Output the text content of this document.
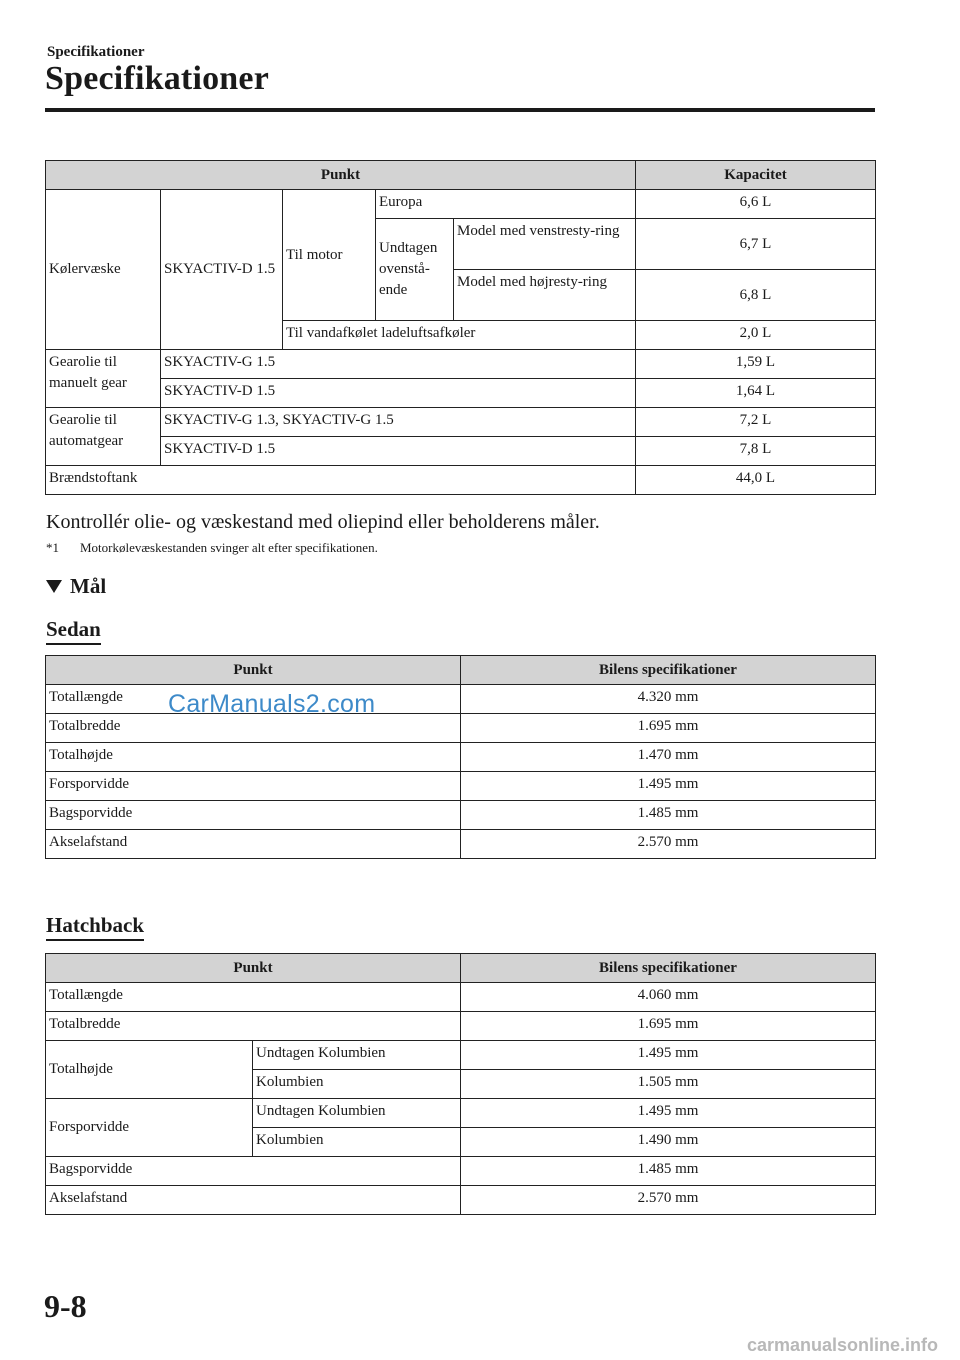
Specifikationer
Specifikationer
Punkt					Kapacitet
Kølervæske	SKYACTIV-D 1.5	Til motor	Europa		6,6 L
			Undtagen ovenstå-ende	Model med venstresty-ring	6,7 L
				Model med højresty-ring	6,8 L
		Til vandafkølet ladeluftsafkøler			2,0 L
Gearolie til manuelt gear	SKYACTIV-G 1.5				1,59 L
	SKYACTIV-D 1.5				1,64 L
Gearolie til automatgear	SKYACTIV-G 1.3, SKYACTIV-G 1.5				7,2 L
	SKYACTIV-D 1.5				7,8 L
Brændstoftank					44,0 L
Kontrollér olie- og væskestand med oliepind eller beholderens måler.
*1 Motorkølevæskestanden svinger alt efter specifikationen.
Mål
Sedan
Punkt	Bilens specifikationer
Totallængde	4.320 mm
Totalbredde	1.695 mm
Totalhøjde	1.470 mm
Forsporvidde	1.495 mm
Bagsporvidde	1.485 mm
Akselafstand	2.570 mm
CarManuals2.com
Hatchback
Punkt		Bilens specifikationer
Totallængde		4.060 mm
Totalbredde		1.695 mm
Totalhøjde	Undtagen Kolumbien	1.495 mm
	Kolumbien	1.505 mm
Forsporvidde	Undtagen Kolumbien	1.495 mm
	Kolumbien	1.490 mm
Bagsporvidde		1.485 mm
Akselafstand		2.570 mm
9-8
carmanualsonline.info
